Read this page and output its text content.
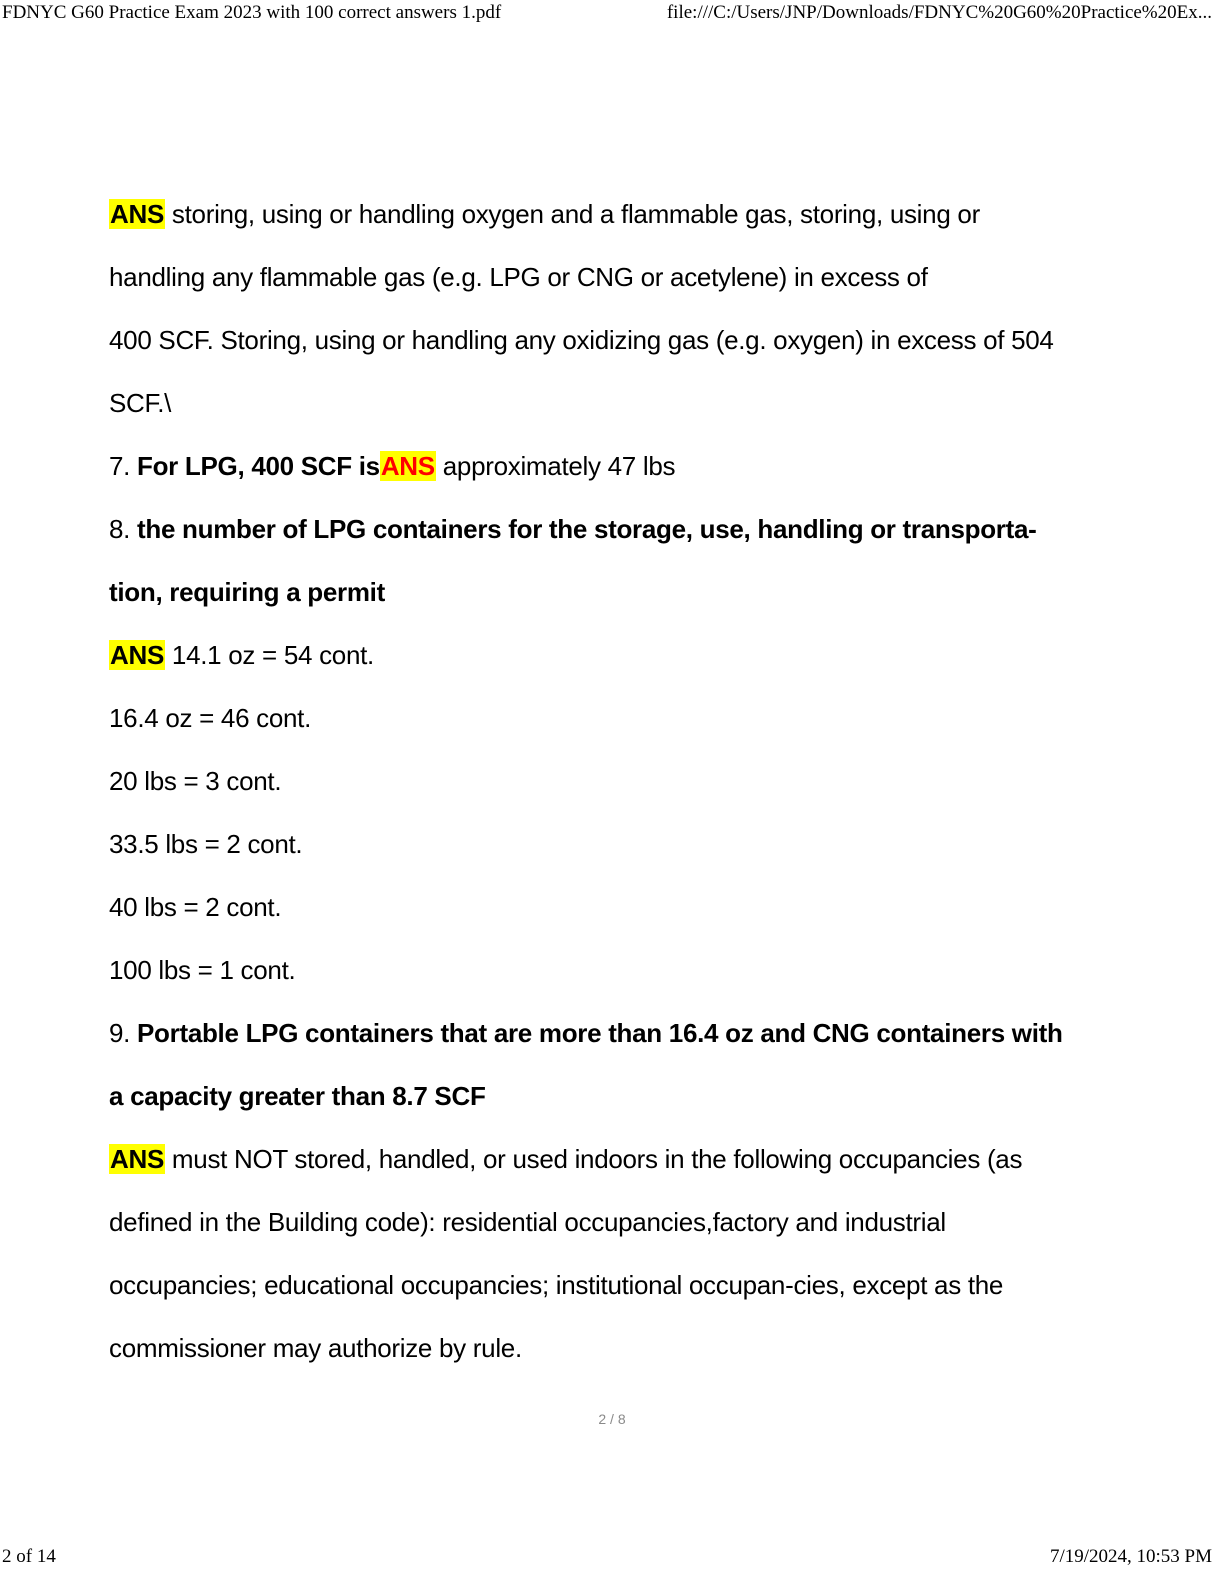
FDNYC G60 Practice Exam 2023 with 100 correct answers 1.pdf	file:///C:/Users/JNP/Downloads/FDNYC%20G60%20Practice%20Ex...
ANS storing, using or handling oxygen and a flammable gas, storing, using or
handling any flammable gas (e.g. LPG or CNG or acetylene) in excess of
400 SCF. Storing, using or handling any oxidizing gas (e.g. oxygen) in excess of 504
SCF.\
7. For LPG, 400 SCF isANS approximately 47 lbs
8. the number of LPG containers for the storage, use, handling or transporta-
tion, requiring a permit
ANS 14.1 oz = 54 cont.
16.4 oz = 46 cont.
20 lbs = 3 cont.
33.5 lbs = 2 cont.
40 lbs = 2 cont.
100 lbs = 1 cont.
9. Portable LPG containers that are more than 16.4 oz and CNG containers with
a capacity greater than 8.7 SCF
ANS must NOT stored, handled, or used indoors in the following occupancies (as
defined in the Building code): residential occupancies,factory and industrial
occupancies; educational occupancies; institutional occupan-cies, except as the
commissioner may authorize by rule.
2 / 8
2 of 14	7/19/2024, 10:53 PM
